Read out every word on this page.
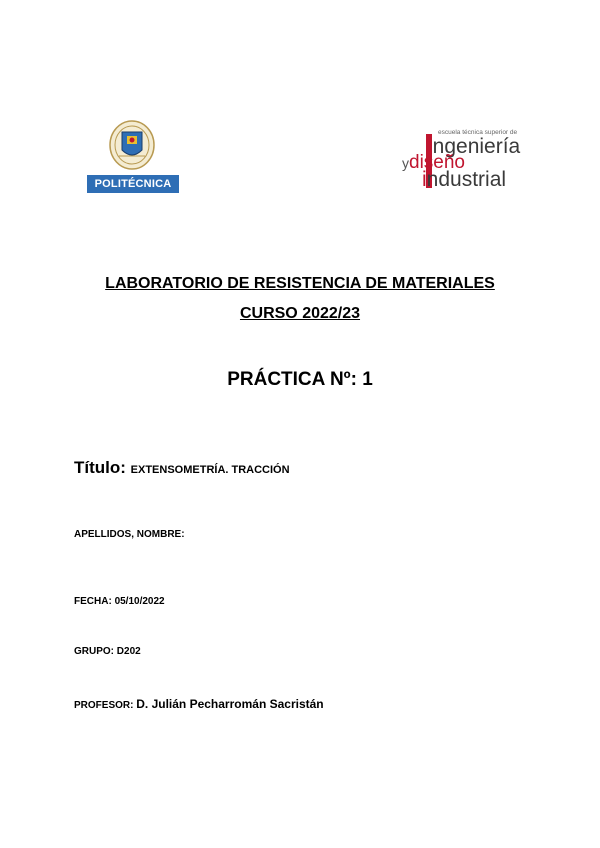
POLITÉCNICA
escuela técnica superior de
ingeniería
ydiseño
industrial
LABORATORIO DE RESISTENCIA DE MATERIALES
CURSO 2022/23
PRÁCTICA Nº: 1
Título: EXTENSOMETRÍA. TRACCIÓN
APELLIDOS, NOMBRE:
FECHA: 05/10/2022
GRUPO: D202
PROFESOR: D. Julián Pecharromán Sacristán
